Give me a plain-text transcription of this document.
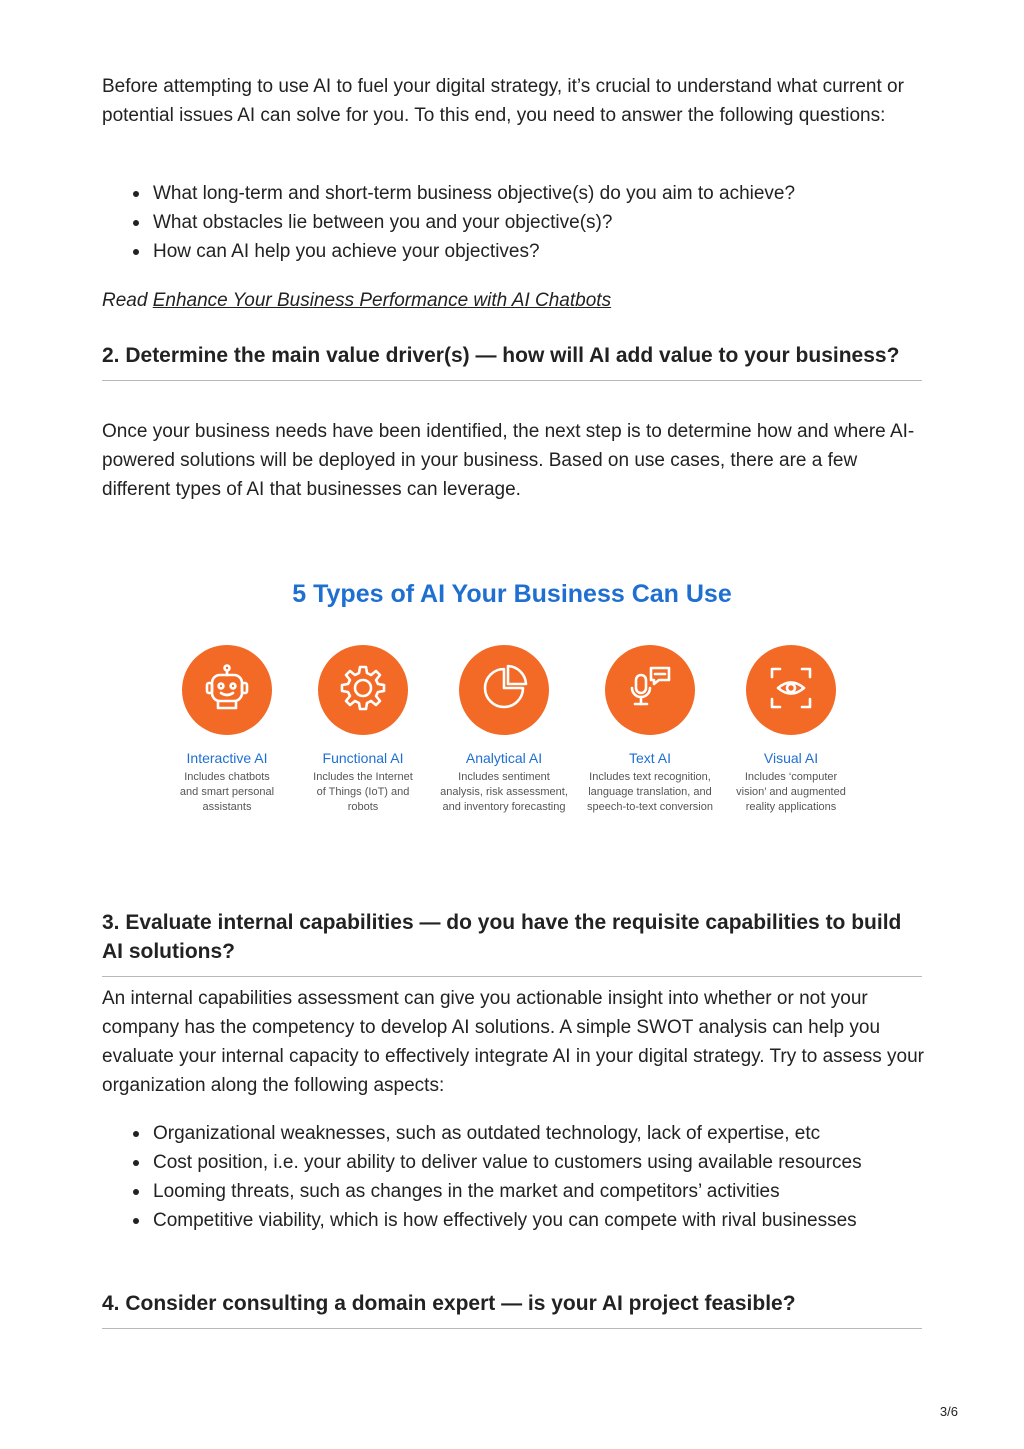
Before attempting to use AI to fuel your digital strategy, it’s crucial to understand what current or potential issues AI can solve for you. To this end, you need to answer the following questions:

What long-term and short-term business objective(s) do you aim to achieve?
What obstacles lie between you and your objective(s)?
How can AI help you achieve your objectives?
Read Enhance Your Business Performance with AI Chatbots
2. Determine the main value driver(s) — how will AI add value to your business?

Once your business needs have been identified, the next step is to determine how and where AI-powered solutions will be deployed in your business. Based on use cases, there are a few different types of AI that businesses can leverage.

5 Types of AI Your Business Can Use
Interactive AI
Includes chatbots and smart personal assistants
Functional AI
Includes the Internet of Things (IoT) and robots
Analytical AI
Includes sentiment analysis, risk assessment, and inventory forecasting
Text AI
Includes text recognition, language translation, and speech-to-text conversion
Visual AI
Includes ‘computer vision’ and augmented reality applications
3. Evaluate internal capabilities — do you have the requisite capabilities to build AI solutions?

An internal capabilities assessment can give you actionable insight into whether or not your company has the competency to develop AI solutions. A simple SWOT analysis can help you evaluate your internal capacity to effectively integrate AI in your digital strategy. Try to assess your organization along the following aspects:

Organizational weaknesses, such as outdated technology, lack of expertise, etc
Cost position, i.e. your ability to deliver value to customers using available resources
Looming threats, such as changes in the market and competitors’ activities
Competitive viability, which is how effectively you can compete with rival businesses
4. Consider consulting a domain expert — is your AI project feasible?
3/6
